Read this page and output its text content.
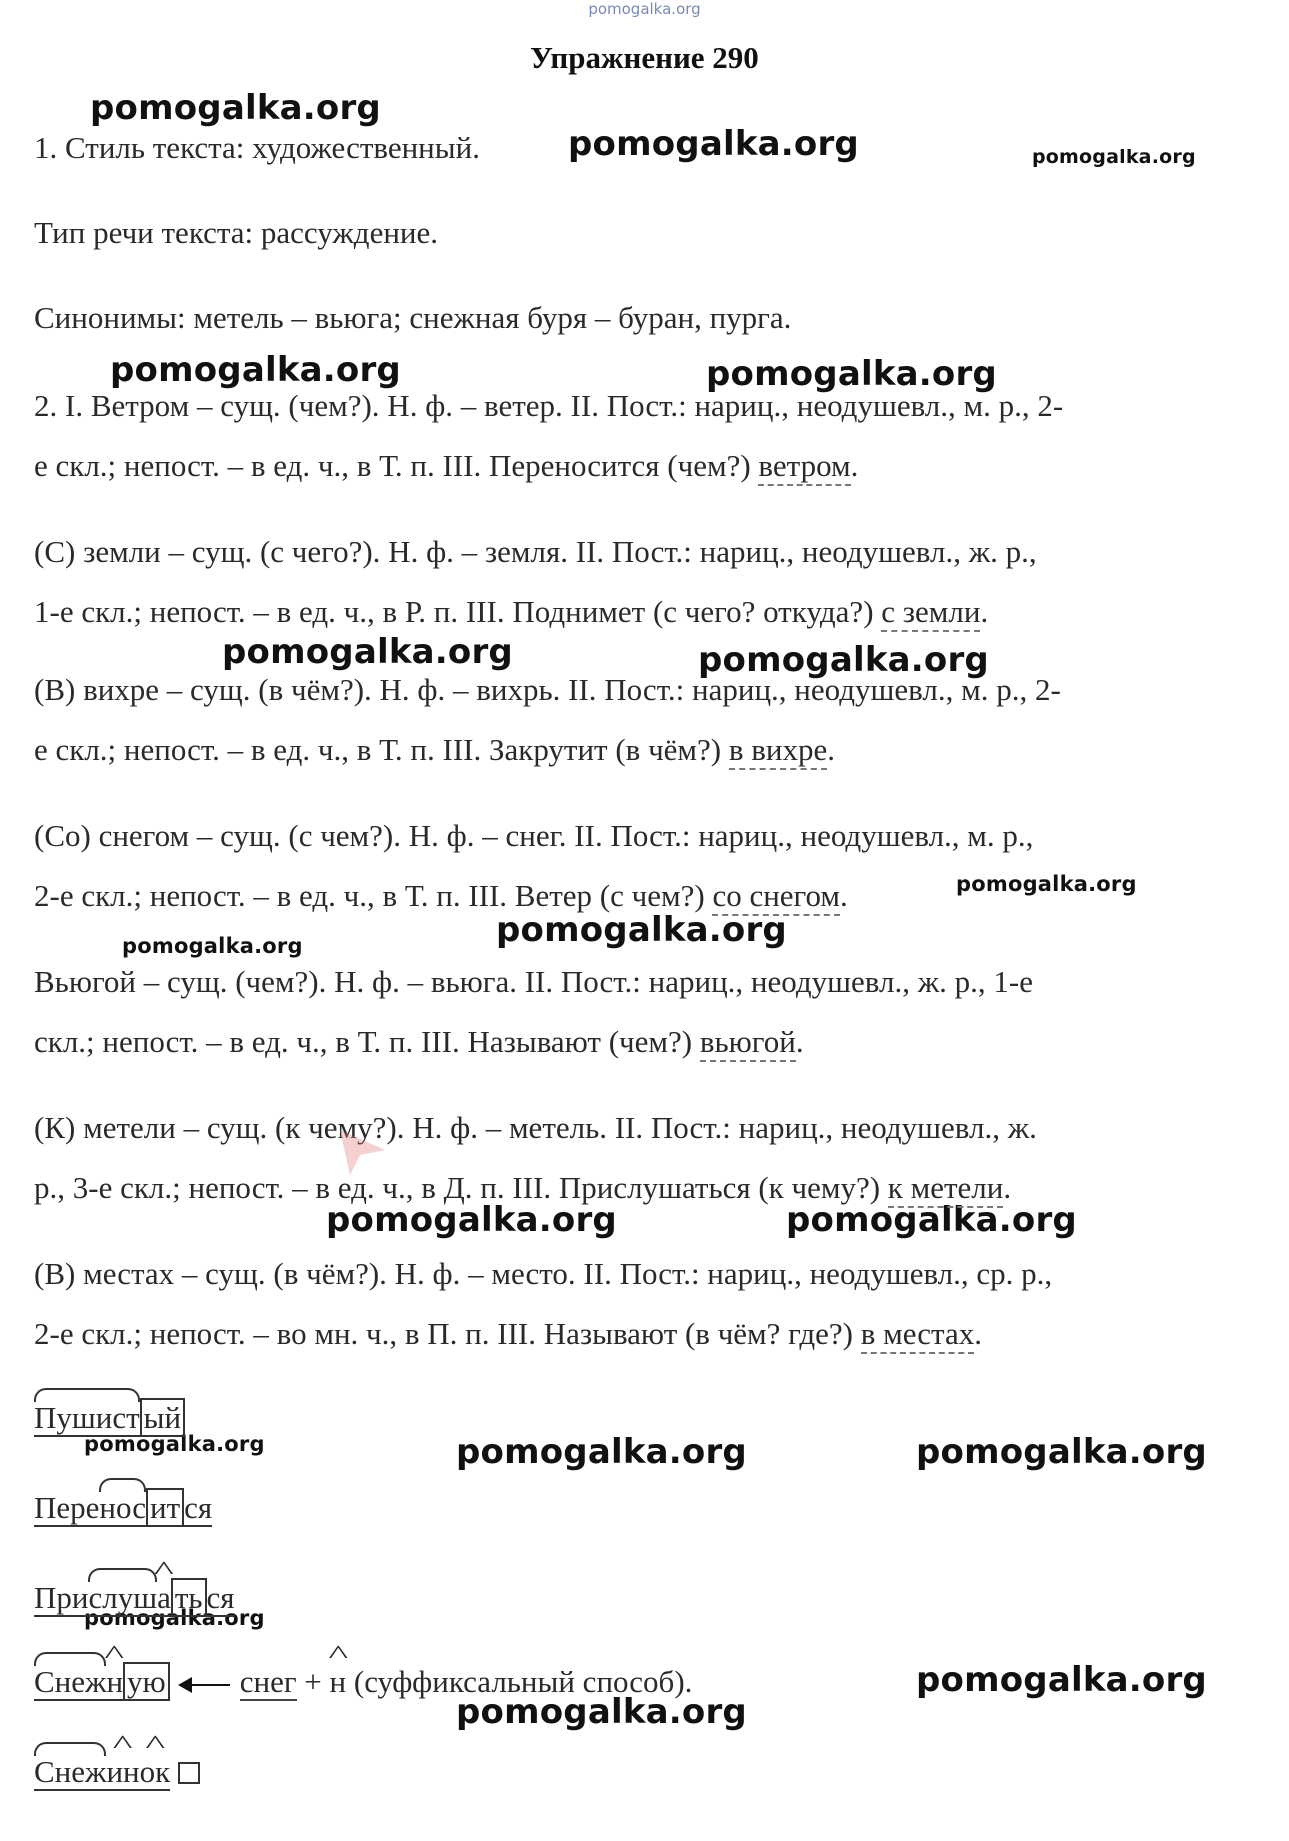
pomogalka.org
Упражнение 290
pomogalka.org
pomogalka.org	pomogalka.org
pomogalka.org	pomogalka.org
pomogalka.org	pomogalka.org
pomogalka.org
pomogalka.org
pomogalka.org
pomogalka.org	pomogalka.org
pomogalka.org	pomogalka.org	pomogalka.org
pomogalka.org
pomogalka.org
pomogalka.org
1. Стиль текста: художественный.
Тип речи текста: рассуждение.
Синонимы: метель – вьюга; снежная буря – буран, пурга.
2. I. Ветром – сущ. (чем?). Н. ф. – ветер. II. Пост.: нариц., неодушевл., м. р., 2-
е скл.; непост. – в ед. ч., в Т. п. III. Переносится (чем?) ветром.
(С) земли – сущ. (с чего?). Н. ф. – земля. II. Пост.: нариц., неодушевл., ж. р.,
1-е скл.; непост. – в ед. ч., в Р. п. III. Поднимет (с чего? откуда?) с земли.
(В) вихре – сущ. (в чём?). Н. ф. – вихрь. II. Пост.: нариц., неодушевл., м. р., 2-
е скл.; непост. – в ед. ч., в Т. п. III. Закрутит (в чём?) в вихре.
(Со) снегом – сущ. (с чем?). Н. ф. – снег. II. Пост.: нариц., неодушевл., м. р.,
2-е скл.; непост. – в ед. ч., в Т. п. III. Ветер (с чем?) со снегом.
Вьюгой – сущ. (чем?). Н. ф. – вьюга. II. Пост.: нариц., неодушевл., ж. р., 1-е
скл.; непост. – в ед. ч., в Т. п. III. Называют (чем?) вьюгой.
(К) метели – сущ. (к чему?). Н. ф. – метель. II. Пост.: нариц., неодушевл., ж.
р., 3-е скл.; непост. – в ед. ч., в Д. п. III. Прислушаться (к чему?) к метели.
(В) местах – сущ. (в чём?). Н. ф. – место. II. Пост.: нариц., неодушевл., ср. р.,
2-е скл.; непост. – во мн. ч., в П. п. III. Называют (в чём? где?) в местах.
Пушист ый
Перенос ит ся
Прислуш^ а ть ся
Снеж^ н ую снег + ^ н (суффиксальный способ).
Снеж^ ин^ ок
